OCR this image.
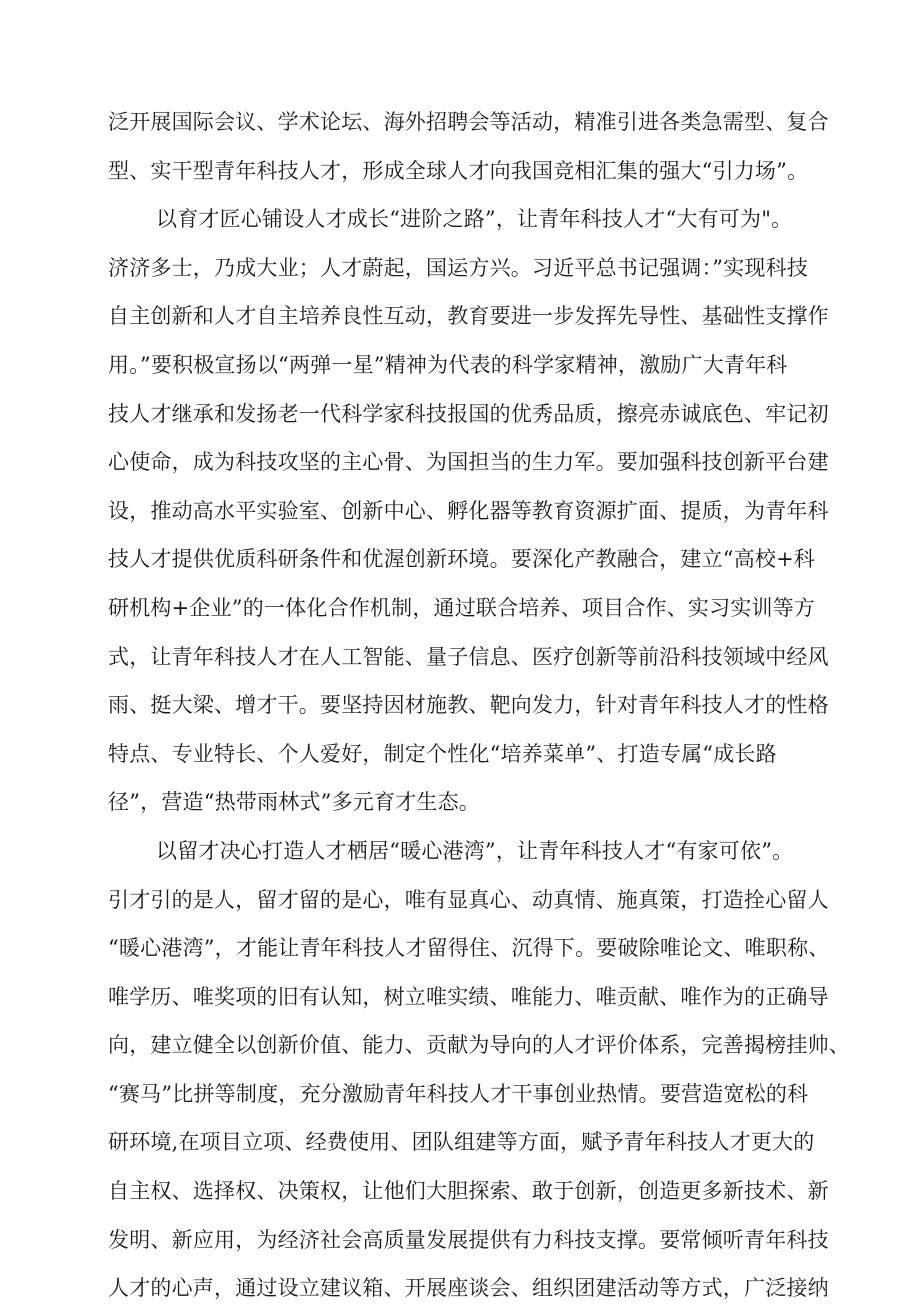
泛开展国际会议、学术论坛、海外招聘会等活动，精准引进各类急需型、复合
型、实干型青年科技人才，形成全球人才向我国竞相汇集的强大“引力场”。
以育才匠心铺设人才成长“进阶之路”，让青年科技人才“大有可为"。
济济多士，乃成大业；人才蔚起，国运方兴。习近平总书记强调：”实现科技
自主创新和人才自主培养良性互动，教育要进一步发挥先导性、基础性支撑作
用。”要积极宣扬以“两弹一星”精神为代表的科学家精神，激励广大青年科
技人才继承和发扬老一代科学家科技报国的优秀品质，擦亮赤诚底色、牢记初
心使命，成为科技攻坚的主心骨、为国担当的生力军。要加强科技创新平台建
设，推动高水平实验室、创新中心、孵化器等教育资源扩面、提质，为青年科
技人才提供优质科研条件和优渥创新环境。要深化产教融合，建立“高校+科
研机构+企业”的一体化合作机制，通过联合培养、项目合作、实习实训等方
式，让青年科技人才在人工智能、量子信息、医疗创新等前沿科技领域中经风
雨、挺大梁、增才干。要坚持因材施教、靶向发力，针对青年科技人才的性格
特点、专业特长、个人爱好，制定个性化“培养菜单”、打造专属“成长路
径”，营造“热带雨林式”多元育才生态。
以留才决心打造人才栖居“暖心港湾”，让青年科技人才“有家可依”。
引才引的是人，留才留的是心，唯有显真心、动真情、施真策，打造拴心留人
“暖心港湾”，才能让青年科技人才留得住、沉得下。要破除唯论文、唯职称、
唯学历、唯奖项的旧有认知，树立唯实绩、唯能力、唯贡献、唯作为的正确导
向，建立健全以创新价值、能力、贡献为导向的人才评价体系，完善揭榜挂帅、
“赛马”比拼等制度，充分激励青年科技人才干事创业热情。要营造宽松的科
研环境,在项目立项、经费使用、团队组建等方面，赋予青年科技人才更大的
自主权、选择权、决策权，让他们大胆探索、敢于创新，创造更多新技术、新
发明、新应用，为经济社会高质量发展提供有力科技支撑。要常倾听青年科技
人才的心声，通过设立建议箱、开展座谈会、组织团建活动等方式，广泛接纳
